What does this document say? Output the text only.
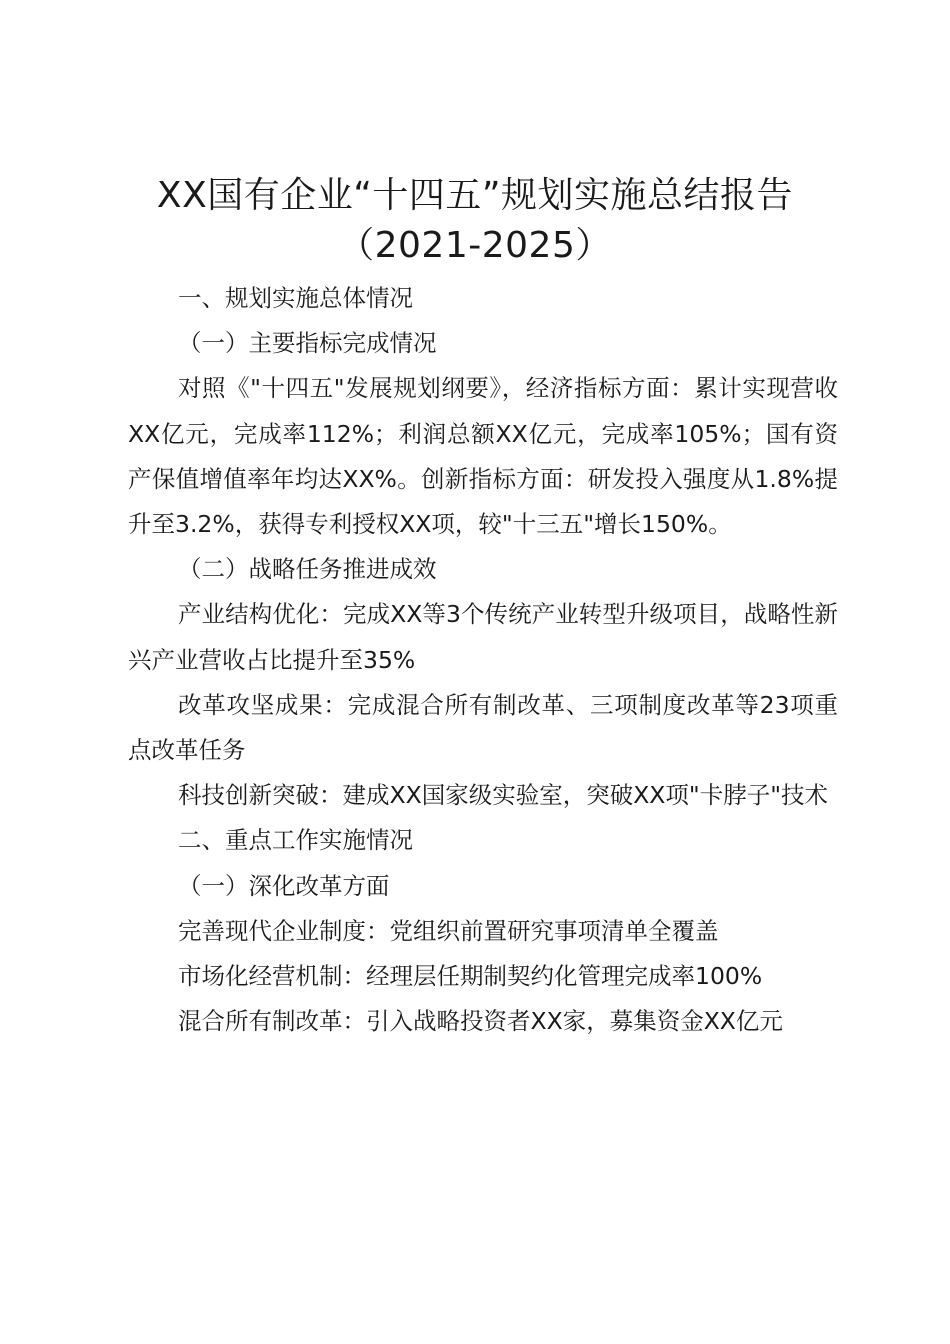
XX国有企业“十四五”规划实施总结报告
（2021-2025）

一、规划实施总体情况

（一）主要指标完成情况

对照《"十四五"发展规划纲要》，经济指标方面：累计实现营收XX亿元，完成率112%；利润总额XX亿元，完成率105%；国有资产保值增值率年均达XX%。创新指标方面：研发投入强度从1.8%提升至3.2%，获得专利授权XX项，较"十三五"增长150%。

（二）战略任务推进成效

产业结构优化：完成XX等3个传统产业转型升级项目，战略性新兴产业营收占比提升至35%

改革攻坚成果：完成混合所有制改革、三项制度改革等23项重点改革任务

科技创新突破：建成XX国家级实验室，突破XX项"卡脖子"技术

二、重点工作实施情况

（一）深化改革方面

完善现代企业制度：党组织前置研究事项清单全覆盖

市场化经营机制：经理层任期制契约化管理完成率100%

混合所有制改革：引入战略投资者XX家，募集资金XX亿元
